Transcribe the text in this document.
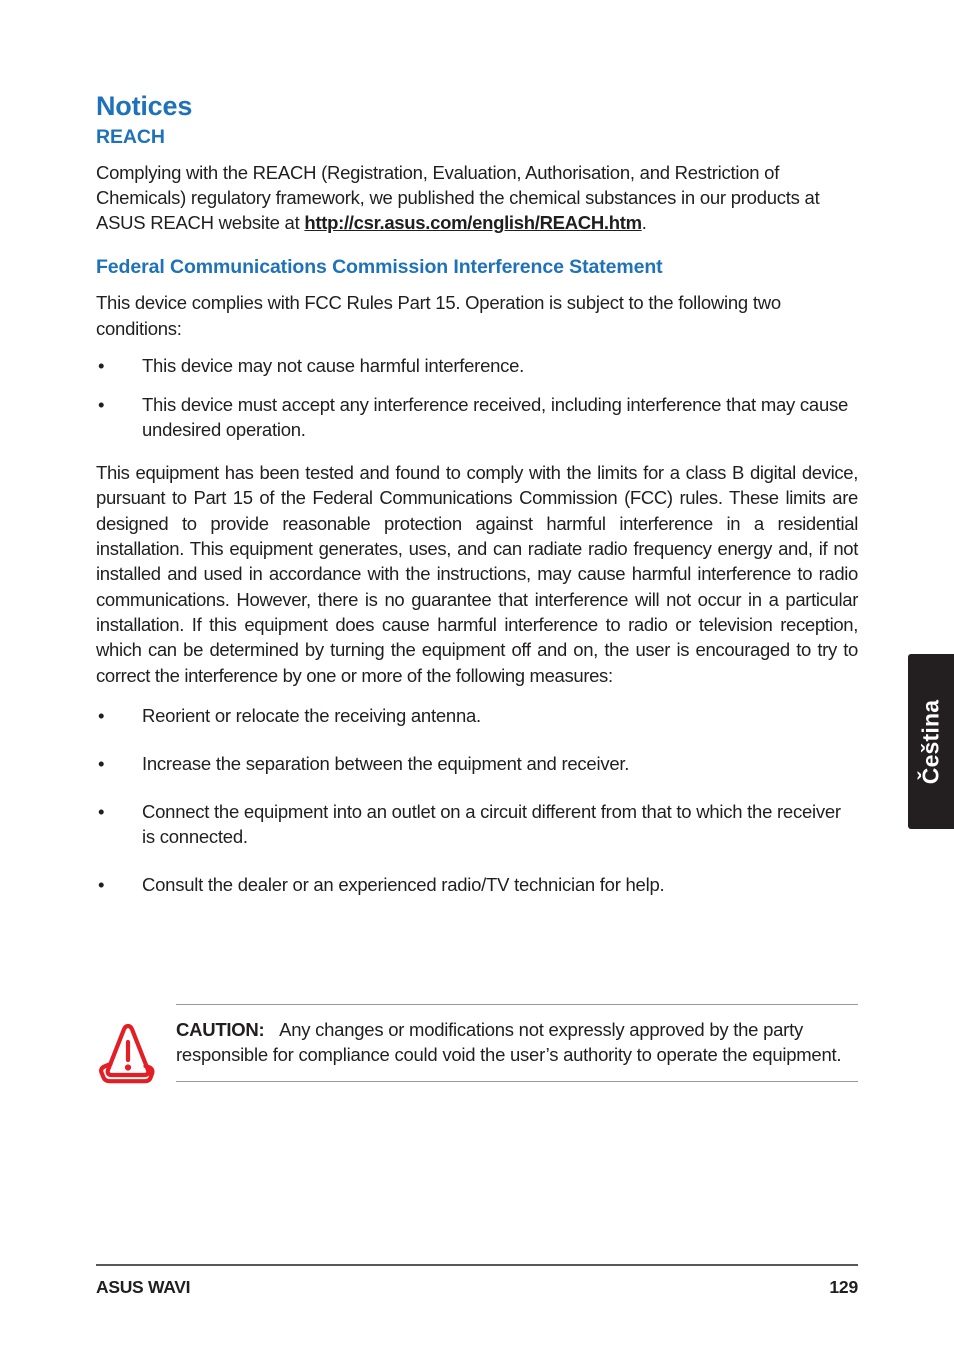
Notices
REACH

Complying with the REACH (Registration, Evaluation, Authorisation, and Restriction of Chemicals) regulatory framework, we published the chemical substances in our products at ASUS REACH website at http://csr.asus.com/english/REACH.htm.

Federal Communications Commission Interference Statement

This device complies with FCC Rules Part 15. Operation is subject to the following two conditions:

• This device may not cause harmful interference.
• This device must accept any interference received, including interference that may cause undesired operation.

This equipment has been tested and found to comply with the limits for a class B digital device, pursuant to Part 15 of the Federal Communications Commission (FCC) rules. These limits are designed to provide reasonable protection against harmful interference in a residential installation. This equipment generates, uses, and can radiate radio frequency energy and, if not installed and used in accordance with the instructions, may cause harmful interference to radio communications. However, there is no guarantee that interference will not occur in a particular installation. If this equipment does cause harmful interference to radio or television reception, which can be determined by turning the equipment off and on, the user is encouraged to try to correct the interference by one or more of the following measures:

• Reorient or relocate the receiving antenna.
• Increase the separation between the equipment and receiver.
• Connect the equipment into an outlet on a circuit different from that to which the receiver is connected.
• Consult the dealer or an experienced radio/TV technician for help.
CAUTION: Any changes or modifications not expressly approved by the party responsible for compliance could void the user’s authority to operate the equipment.
Čeština
ASUS WAVI	129
